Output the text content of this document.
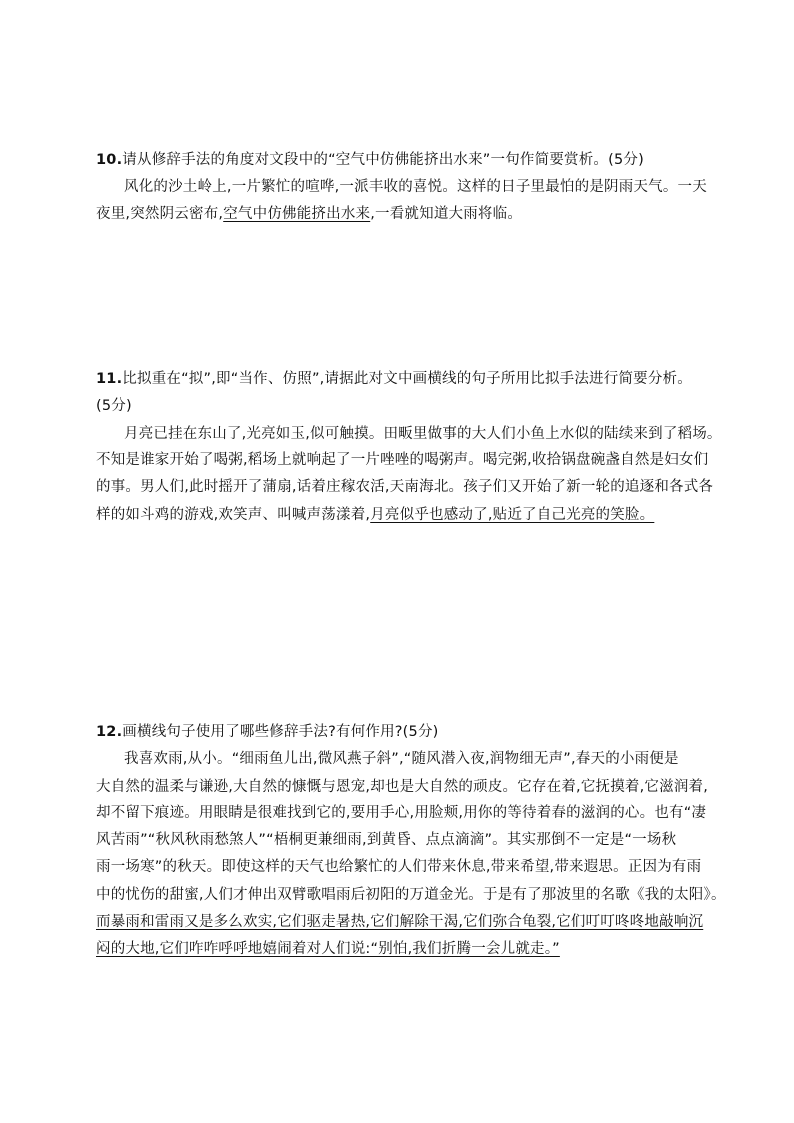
10.请从修辞手法的角度对文段中的“空气中仿佛能挤出水来”一句作简要赏析。(5分)
风化的沙土岭上,一片繁忙的喧哗,一派丰收的喜悦。这样的日子里最怕的是阴雨天气。一天
夜里,突然阴云密布,空气中仿佛能挤出水来,一看就知道大雨将临。
11.比拟重在“拟”,即“当作、仿照”,请据此对文中画横线的句子所用比拟手法进行简要分析。
(5分)
月亮已挂在东山了,光亮如玉,似可触摸。田畈里做事的大人们小鱼上水似的陆续来到了稻场。
不知是谁家开始了喝粥,稻场上就响起了一片唑唑的喝粥声。喝完粥,收拾锅盘碗盏自然是妇女们
的事。男人们,此时摇开了蒲扇,话着庄稼农活,天南海北。孩子们又开始了新一轮的追逐和各式各
样的如斗鸡的游戏,欢笑声、叫喊声荡漾着,月亮似乎也感动了,贴近了自己光亮的笑脸。
12.画横线句子使用了哪些修辞手法?有何作用?(5分)
我喜欢雨,从小。“细雨鱼儿出,微风燕子斜”,“随风潜入夜,润物细无声”,春天的小雨便是
大自然的温柔与谦逊,大自然的慷慨与恩宠,却也是大自然的顽皮。它存在着,它抚摸着,它滋润着,
却不留下痕迹。用眼睛是很难找到它的,要用手心,用脸颊,用你的等待着春的滋润的心。也有“凄
风苦雨”“秋风秋雨愁煞人”“梧桐更兼细雨,到黄昏、点点滴滴”。其实那倒不一定是“一场秋
雨一场寒”的秋天。即使这样的天气也给繁忙的人们带来休息,带来希望,带来遐思。正因为有雨
中的忧伤的甜蜜,人们才伸出双臂歌唱雨后初阳的万道金光。于是有了那波里的名歌《我的太阳》。
而暴雨和雷雨又是多么欢实,它们驱走暑热,它们解除干渴,它们弥合龟裂,它们叮叮咚咚地敲响沉
闷的大地,它们咋咋呼呼地嬉闹着对人们说:“别怕,我们折腾一会儿就走。”
